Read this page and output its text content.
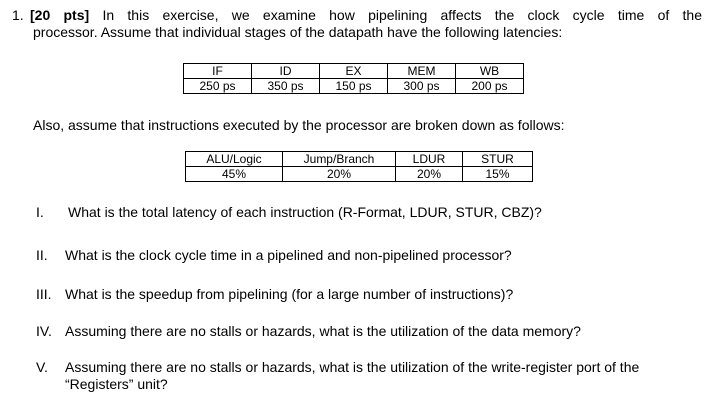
1. [20 pts] In this exercise, we examine how pipelining affects the clock cycle time of the
processor. Assume that individual stages of the datapath have the following latencies:
IF	ID	EX	MEM	WB
250 ps	350 ps	150 ps	300 ps	200 ps

Also, assume that instructions executed by the processor are broken down as follows:

ALU/Logic	Jump/Branch	LDUR	STUR
45%	20%	20%	15%
I. What is the total latency of each instruction (R-Format, LDUR, STUR, CBZ)?
II. What is the clock cycle time in a pipelined and non-pipelined processor?
III. What is the speedup from pipelining (for a large number of instructions)?
IV. Assuming there are no stalls or hazards, what is the utilization of the data memory?
V. Assuming there are no stalls or hazards, what is the utilization of the write-register port of the “Registers” unit?
